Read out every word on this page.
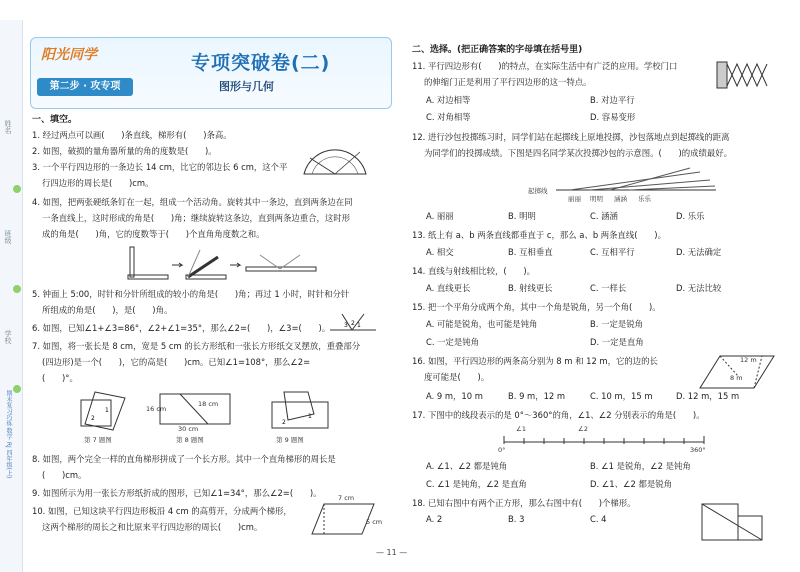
姓名
班级
学校
期末复习巧练 数学 RJ 四年级(上)
阳光同学
第二步 · 攻专项
专项突破卷(二)
图形与几何
一、填空。
1. 经过两点可以画(　　)条直线，梯形有(　　)条高。
2. 如图，破损的量角器所量的角的度数是(　　)。
3. 一个平行四边形的一条边长 14 cm，比它的邻边长 6 cm，这个平
行四边形的周长是(　　)cm。
4. 如图，把两张硬纸条钉在一起，组成一个活动角。旋转其中一条边，直到两条边在同
一条直线上，这时形成的角是(　　)角；继续旋转这条边，直到两条边重合，这时形
成的角是(　　)角，它的度数等于(　　)个直角角度数之和。
5. 钟面上 5:00，时针和分针所组成的较小的角是(　　)角；再过 1 小时，时针和分针
所组成的角是(　　)，是(　　)角。
6. 如图，已知∠1+∠3=86°，∠2+∠1=35°，那么∠2=(　　)，∠3=(　　)。 3 2 1
7. 如图，将一张长是 8 cm，宽是 5 cm 的长方形纸和一张长方形纸交叉摆放，重叠部分
(四边形)是一个(　　)，它的高是(　　)cm。已知∠1=108°，那么∠2=
(　　)°。
2
1
第 7 题图
16 cm
18 cm
30 cm
第 8 题图
2
1
第 9 题图
8. 如图，两个完全一样的直角梯形拼成了一个长方形。其中一个直角梯形的周长是
(　　)cm。
9. 如图所示为用一张长方形纸折成的图形，已知∠1=34°，那么∠2=(　　)。
10. 如图，已知这块平行四边形板沿 4 cm 的高剪开，分成两个梯形，
这两个梯形的周长之和比原来平行四边形的周长(　　)cm。
7 cm
5 cm
二、选择。(把正确答案的字母填在括号里)
11. 平行四边形有(　　)的特点，在实际生活中有广泛的应用。学校门口
的伸缩门正是利用了平行四边形的这一特点。
A. 对边相等	B. 对边平行
C. 对角相等	D. 容易变形
12. 进行沙包投掷练习时，同学们站在起掷线上原地投掷，沙包落地点到起掷线的距离
为同学们的投掷成绩。下图是四名同学某次投掷沙包的示意图。(　　)的成绩最好。
起掷线
丽丽 明明 涵涵 乐乐
A. 丽丽	B. 明明	C. 涵涵	D. 乐乐
13. 纸上有 a、b 两条直线都垂直于 c，那么 a、b 两条直线(　　)。
A. 相交	B. 互相垂直	C. 互相平行	D. 无法确定
14. 直线与射线相比较，(　　)。
A. 直线更长	B. 射线更长	C. 一样长	D. 无法比较
15. 把一个平角分成两个角，其中一个角是锐角，另一个角(　　)。
A. 可能是锐角，也可能是钝角	B. 一定是锐角
C. 一定是钝角	D. 一定是直角
16. 如图，平行四边形的两条高分别为 8 m 和 12 m，它的边的长
度可能是(　　)。
12 m
8 m
A. 9 m，10 m	B. 9 m，12 m	C. 10 m，15 m	D. 12 m，15 m
17. 下图中的线段表示的是 0°～360°的角，∠1、∠2 分别表示的角是(　　)。
0°
∠1	∠2
360°
A. ∠1、∠2 都是钝角	B. ∠1 是锐角，∠2 是钝角
C. ∠1 是钝角，∠2 是直角	D. ∠1、∠2 都是锐角
18. 已知右图中有两个正方形，那么右图中有(　　)个梯形。
A. 2	B. 3	C. 4
— 11 —
